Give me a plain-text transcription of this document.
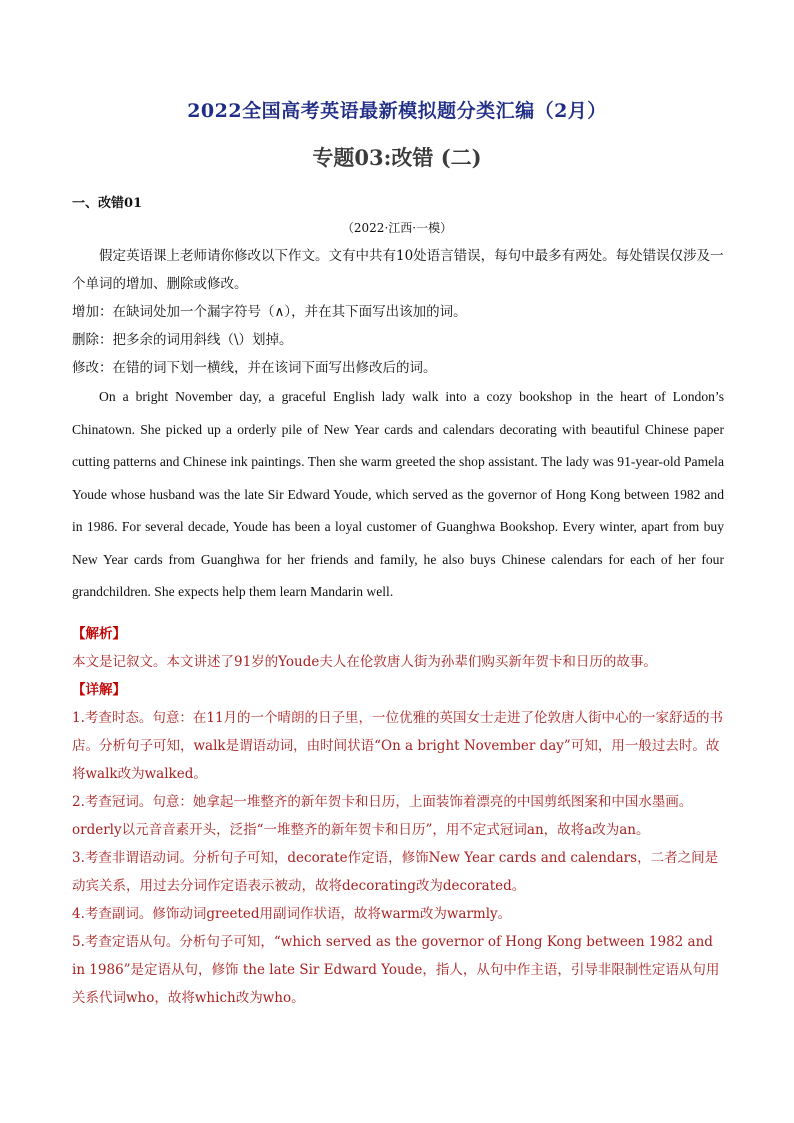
2022全国高考英语最新模拟题分类汇编（2月）
专题03:改错 (二)
一、改错01
（2022·江西·一模）

假定英语课上老师请你修改以下作文。文有中共有10处语言错误，每句中最多有两处。每处错误仅涉及一个单词的增加、删除或修改。

增加：在缺词处加一个漏字符号（∧），并在其下面写出该加的词。

删除：把多余的词用斜线（\）划掉。

修改：在错的词下划一横线，并在该词下面写出修改后的词。

On a bright November day, a graceful English lady walk into a cozy bookshop in the heart of London’s Chinatown. She picked up a orderly pile of New Year cards and calendars decorating with beautiful Chinese paper cutting patterns and Chinese ink paintings. Then she warm greeted the shop assistant. The lady was 91-year-old Pamela Youde whose husband was the late Sir Edward Youde, which served as the governor of Hong Kong between 1982 and in 1986. For several decade, Youde has been a loyal customer of Guanghwa Bookshop. Every winter, apart from buy New Year cards from Guanghwa for her friends and family, he also buys Chinese calendars for each of her four grandchildren. She expects help them learn Mandarin well.

【解析】

本文是记叙文。本文讲述了91岁的Youde夫人在伦敦唐人街为孙辈们购买新年贺卡和日历的故事。

【详解】

1.考查时态。句意：在11月的一个晴朗的日子里，一位优雅的英国女士走进了伦敦唐人街中心的一家舒适的书店。分析句子可知，walk是谓语动词，由时间状语“On a bright November day”可知，用一般过去时。故将walk改为walked。

2.考查冠词。句意：她拿起一堆整齐的新年贺卡和日历，上面装饰着漂亮的中国剪纸图案和中国水墨画。orderly以元音音素开头，泛指“一堆整齐的新年贺卡和日历”，用不定式冠词an，故将a改为an。

3.考查非谓语动词。分析句子可知，decorate作定语，修饰New Year cards and calendars，二者之间是动宾关系，用过去分词作定语表示被动，故将decorating改为decorated。

4.考查副词。修饰动词greeted用副词作状语，故将warm改为warmly。

5.考查定语从句。分析句子可知，“which served as the governor of Hong Kong between 1982 and in 1986”是定语从句，修饰 the late Sir Edward Youde，指人，从句中作主语，引导非限制性定语从句用关系代词who，故将which改为who。
